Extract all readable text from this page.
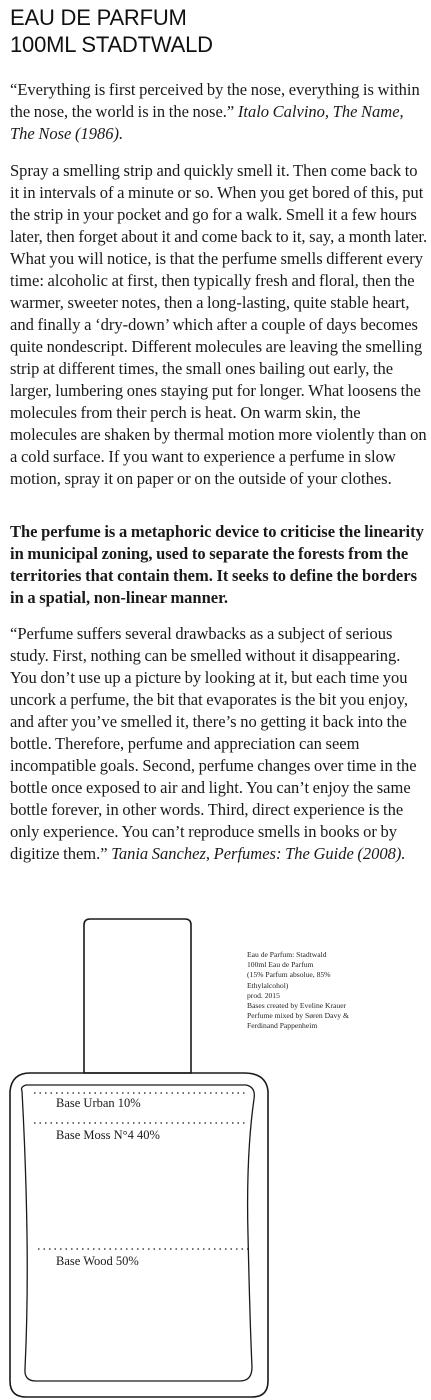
EAU DE PARFUM
100ML STADTWALD

“Everything is first perceived by the nose, everything is within the nose, the world is in the nose.” Italo Calvino, The Name, The Nose (1986).

Spray a smelling strip and quickly smell it. Then come back to it in intervals of a minute or so. When you get bored of this, put the strip in your pocket and go for a walk. Smell it a few hours later, then forget about it and come back to it, say, a month later. What you will notice, is that the perfume smells different every time: alcoholic at first, then typically fresh and floral, then the warmer, sweeter notes, then a long-lasting, quite stable heart, and finally a ‘dry-down’ which after a couple of days becomes quite nondescript. Different molecules are leaving the smelling strip at different times, the small ones bailing out early, the larger, lumbering ones staying put for longer. What loosens the molecules from their perch is heat. On warm skin, the molecules are shaken by thermal motion more violently than on a cold surface. If you want to experience a perfume in slow motion, spray it on paper or on the outside of your clothes.

The perfume is a metaphoric device to criticise the linearity in municipal zoning, used to separate the forests from the territories that contain them. It seeks to define the borders in a spatial, non-linear manner.

“Perfume suffers several drawbacks as a subject of serious study. First, nothing can be smelled without it disappearing. You don’t use up a picture by looking at it, but each time you uncork a perfume, the bit that evaporates is the bit you enjoy, and after you’ve smelled it, there’s no getting it back into the bottle. Therefore, perfume and appreciation can seem incompatible goals. Second, perfume changes over time in the bottle once exposed to air and light. You can’t enjoy the same bottle forever, in other words. Third, direct experience is the only experience. You can’t reproduce smells in books or by digitize them.” Tania Sanchez, Perfumes: The Guide (2008).

Eau de Parfum: Stadtwald
100ml Eau de Parfum
(15% Parfum absolue, 85%
Ethylalcohol)
prod. 2015
Bases created by Eveline Krauer
Perfume mixed by Søren Davy &
Ferdinand Pappenheim
Base Urban 10%
Base Moss N°4 40%
Base Wood 50%
